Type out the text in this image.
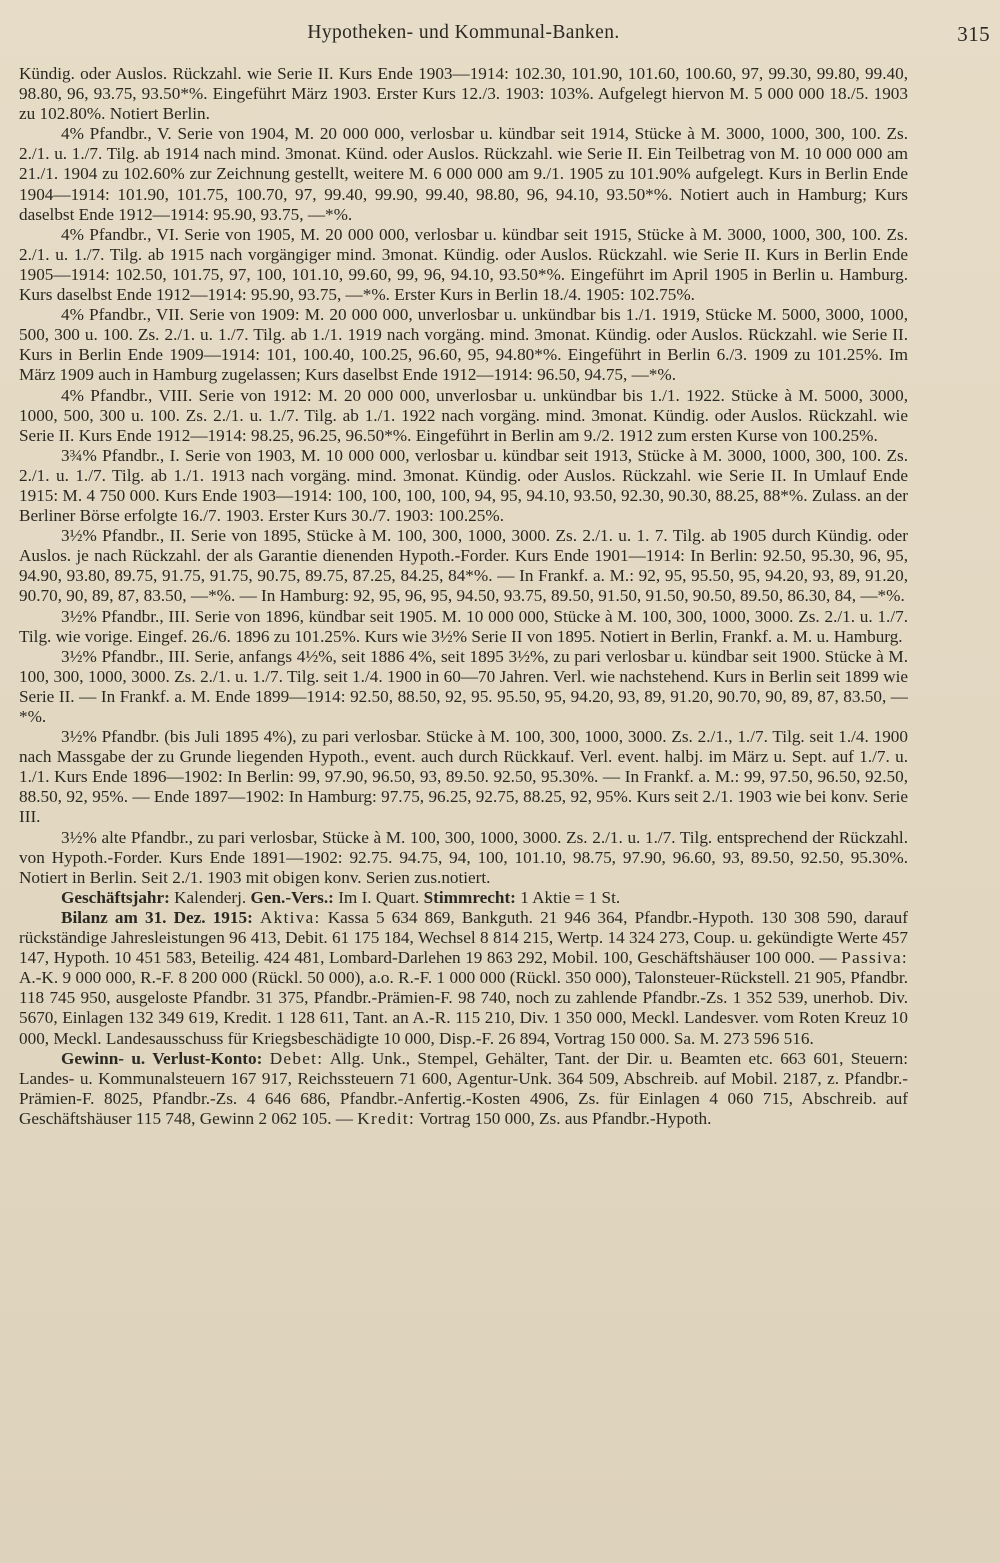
Hypotheken- und Kommunal-Banken.	315

Kündig. oder Auslos. Rückzahl. wie Serie II. Kurs Ende 1903—1914: 102.30, 101.90, 101.60, 100.60, 97, 99.30, 99.80, 99.40, 98.80, 96, 93.75, 93.50*%. Eingeführt März 1903. Erster Kurs 12./3. 1903: 103%. Aufgelegt hiervon M. 5 000 000 18./5. 1903 zu 102.80%. Notiert Berlin.

4% Pfandbr., V. Serie von 1904, M. 20 000 000, verlosbar u. kündbar seit 1914, Stücke à M. 3000, 1000, 300, 100. Zs. 2./1. u. 1./7. Tilg. ab 1914 nach mind. 3monat. Künd. oder Auslos. Rückzahl. wie Serie II. Ein Teilbetrag von M. 10 000 000 am 21./1. 1904 zu 102.60% zur Zeichnung gestellt, weitere M. 6 000 000 am 9./1. 1905 zu 101.90% aufgelegt. Kurs in Berlin Ende 1904—1914: 101.90, 101.75, 100.70, 97, 99.40, 99.90, 99.40, 98.80, 96, 94.10, 93.50*%. Notiert auch in Hamburg; Kurs daselbst Ende 1912—1914: 95.90, 93.75, —*%.

4% Pfandbr., VI. Serie von 1905, M. 20 000 000, verlosbar u. kündbar seit 1915, Stücke à M. 3000, 1000, 300, 100. Zs. 2./1. u. 1./7. Tilg. ab 1915 nach vorgängiger mind. 3monat. Kündig. oder Auslos. Rückzahl. wie Serie II. Kurs in Berlin Ende 1905—1914: 102.50, 101.75, 97, 100, 101.10, 99.60, 99, 96, 94.10, 93.50*%. Eingeführt im April 1905 in Berlin u. Hamburg. Kurs daselbst Ende 1912—1914: 95.90, 93.75, —*%. Erster Kurs in Berlin 18./4. 1905: 102.75%.

4% Pfandbr., VII. Serie von 1909: M. 20 000 000, unverlosbar u. unkündbar bis 1./1. 1919, Stücke M. 5000, 3000, 1000, 500, 300 u. 100. Zs. 2./1. u. 1./7. Tilg. ab 1./1. 1919 nach vorgäng. mind. 3monat. Kündig. oder Auslos. Rückzahl. wie Serie II. Kurs in Berlin Ende 1909—1914: 101, 100.40, 100.25, 96.60, 95, 94.80*%. Eingeführt in Berlin 6./3. 1909 zu 101.25%. Im März 1909 auch in Hamburg zugelassen; Kurs daselbst Ende 1912—1914: 96.50, 94.75, —*%.

4% Pfandbr., VIII. Serie von 1912: M. 20 000 000, unverlosbar u. unkündbar bis 1./1. 1922. Stücke à M. 5000, 3000, 1000, 500, 300 u. 100. Zs. 2./1. u. 1./7. Tilg. ab 1./1. 1922 nach vorgäng. mind. 3monat. Kündig. oder Auslos. Rückzahl. wie Serie II. Kurs Ende 1912—1914: 98.25, 96.25, 96.50*%. Eingeführt in Berlin am 9./2. 1912 zum ersten Kurse von 100.25%.

3¾% Pfandbr., I. Serie von 1903, M. 10 000 000, verlosbar u. kündbar seit 1913, Stücke à M. 3000, 1000, 300, 100. Zs. 2./1. u. 1./7. Tilg. ab 1./1. 1913 nach vorgäng. mind. 3monat. Kündig. oder Auslos. Rückzahl. wie Serie II. In Umlauf Ende 1915: M. 4 750 000. Kurs Ende 1903—1914: 100, 100, 100, 100, 94, 95, 94.10, 93.50, 92.30, 90.30, 88.25, 88*%. Zulass. an der Berliner Börse erfolgte 16./7. 1903. Erster Kurs 30./7. 1903: 100.25%.

3½% Pfandbr., II. Serie von 1895, Stücke à M. 100, 300, 1000, 3000. Zs. 2./1. u. 1. 7. Tilg. ab 1905 durch Kündig. oder Auslos. je nach Rückzahl. der als Garantie dienenden Hypoth.-Forder. Kurs Ende 1901—1914: In Berlin: 92.50, 95.30, 96, 95, 94.90, 93.80, 89.75, 91.75, 91.75, 90.75, 89.75, 87.25, 84.25, 84*%. — In Frankf. a. M.: 92, 95, 95.50, 95, 94.20, 93, 89, 91.20, 90.70, 90, 89, 87, 83.50, —*%. — In Hamburg: 92, 95, 96, 95, 94.50, 93.75, 89.50, 91.50, 91.50, 90.50, 89.50, 86.30, 84, —*%.

3½% Pfandbr., III. Serie von 1896, kündbar seit 1905. M. 10 000 000, Stücke à M. 100, 300, 1000, 3000. Zs. 2./1. u. 1./7. Tilg. wie vorige. Eingef. 26./6. 1896 zu 101.25%. Kurs wie 3½% Serie II von 1895. Notiert in Berlin, Frankf. a. M. u. Hamburg.

3½% Pfandbr., III. Serie, anfangs 4½%, seit 1886 4%, seit 1895 3½%, zu pari verlosbar u. kündbar seit 1900. Stücke à M. 100, 300, 1000, 3000. Zs. 2./1. u. 1./7. Tilg. seit 1./4. 1900 in 60—70 Jahren. Verl. wie nachstehend. Kurs in Berlin seit 1899 wie Serie II. — In Frankf. a. M. Ende 1899—1914: 92.50, 88.50, 92, 95. 95.50, 95, 94.20, 93, 89, 91.20, 90.70, 90, 89, 87, 83.50, —*%.

3½% Pfandbr. (bis Juli 1895 4%), zu pari verlosbar. Stücke à M. 100, 300, 1000, 3000. Zs. 2./1., 1./7. Tilg. seit 1./4. 1900 nach Massgabe der zu Grunde liegenden Hypoth., event. auch durch Rückkauf. Verl. event. halbj. im März u. Sept. auf 1./7. u. 1./1. Kurs Ende 1896—1902: In Berlin: 99, 97.90, 96.50, 93, 89.50. 92.50, 95.30%. — In Frankf. a. M.: 99, 97.50, 96.50, 92.50, 88.50, 92, 95%. — Ende 1897—1902: In Hamburg: 97.75, 96.25, 92.75, 88.25, 92, 95%. Kurs seit 2./1. 1903 wie bei konv. Serie III.

3½% alte Pfandbr., zu pari verlosbar, Stücke à M. 100, 300, 1000, 3000. Zs. 2./1. u. 1./7. Tilg. entsprechend der Rückzahl. von Hypoth.-Forder. Kurs Ende 1891—1902: 92.75. 94.75, 94, 100, 101.10, 98.75, 97.90, 96.60, 93, 89.50, 92.50, 95.30%. Notiert in Berlin. Seit 2./1. 1903 mit obigen konv. Serien zus.notiert.

Geschäftsjahr: Kalenderj. Gen.-Vers.: Im I. Quart. Stimmrecht: 1 Aktie = 1 St.

Bilanz am 31. Dez. 1915: Aktiva: Kassa 5 634 869, Bankguth. 21 946 364, Pfandbr.-Hypoth. 130 308 590, darauf rückständige Jahresleistungen 96 413, Debit. 61 175 184, Wechsel 8 814 215, Wertp. 14 324 273, Coup. u. gekündigte Werte 457 147, Hypoth. 10 451 583, Beteilig. 424 481, Lombard-Darlehen 19 863 292, Mobil. 100, Geschäftshäuser 100 000. — Passiva: A.-K. 9 000 000, R.-F. 8 200 000 (Rückl. 50 000), a.o. R.-F. 1 000 000 (Rückl. 350 000), Talonsteuer-Rückstell. 21 905, Pfandbr. 118 745 950, ausgeloste Pfandbr. 31 375, Pfandbr.-Prämien-F. 98 740, noch zu zahlende Pfandbr.-Zs. 1 352 539, unerhob. Div. 5670, Einlagen 132 349 619, Kredit. 1 128 611, Tant. an A.-R. 115 210, Div. 1 350 000, Meckl. Landesver. vom Roten Kreuz 10 000, Meckl. Landesausschuss für Kriegsbeschädigte 10 000, Disp.-F. 26 894, Vortrag 150 000. Sa. M. 273 596 516.

Gewinn- u. Verlust-Konto: Debet: Allg. Unk., Stempel, Gehälter, Tant. der Dir. u. Beamten etc. 663 601, Steuern: Landes- u. Kommunalsteuern 167 917, Reichssteuern 71 600, Agentur-Unk. 364 509, Abschreib. auf Mobil. 2187, z. Pfandbr.-Prämien-F. 8025, Pfandbr.-Zs. 4 646 686, Pfandbr.-Anfertig.-Kosten 4906, Zs. für Einlagen 4 060 715, Abschreib. auf Geschäftshäuser 115 748, Gewinn 2 062 105. — Kredit: Vortrag 150 000, Zs. aus Pfandbr.-Hypoth.
